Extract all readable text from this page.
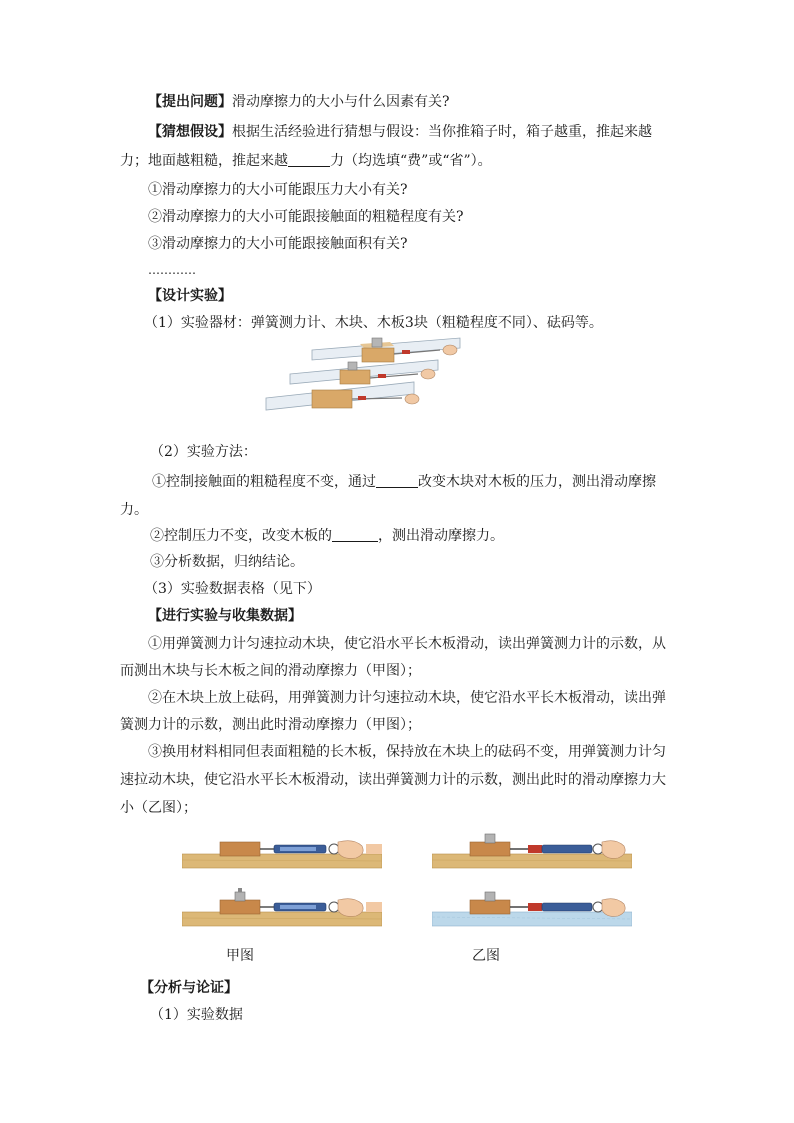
【提出问题】滑动摩擦力的大小与什么因素有关?
【猜想假设】根据生活经验进行猜想与假设：当你推箱子时，箱子越重，推起来越
力；地面越粗糙，推起来越	力（均选填“费”或“省”）。
①滑动摩擦力的大小可能跟压力大小有关?
②滑动摩擦力的大小可能跟接触面的粗糙程度有关?
③滑动摩擦力的大小可能跟接触面积有关?
…………
【设计实验】
（1）实验器材：弹簧测力计、木块、木板3块（粗糙程度不同）、砝码等。
（2）实验方法：
①控制接触面的粗糙程度不变，通过	改变木块对木板的压力，测出滑动摩擦
力。
②控制压力不变，改变木板的	，测出滑动摩擦力。
③分析数据，归纳结论。
（3）实验数据表格（见下）
【进行实验与收集数据】
①用弹簧测力计匀速拉动木块，使它沿水平长木板滑动，读出弹簧测力计的示数，从
而测出木块与长木板之间的滑动摩擦力（甲图）；
②在木块上放上砝码，用弹簧测力计匀速拉动木块，使它沿水平长木板滑动，读出弹
簧测力计的示数，测出此时滑动摩擦力（甲图）；
③换用材料相同但表面粗糙的长木板，保持放在木块上的砝码不变，用弹簧测力计匀
速拉动木块，使它沿水平长木板滑动，读出弹簧测力计的示数，测出此时的滑动摩擦力大
小（乙图）；
甲图	乙图
【分析与论证】
（1）实验数据
